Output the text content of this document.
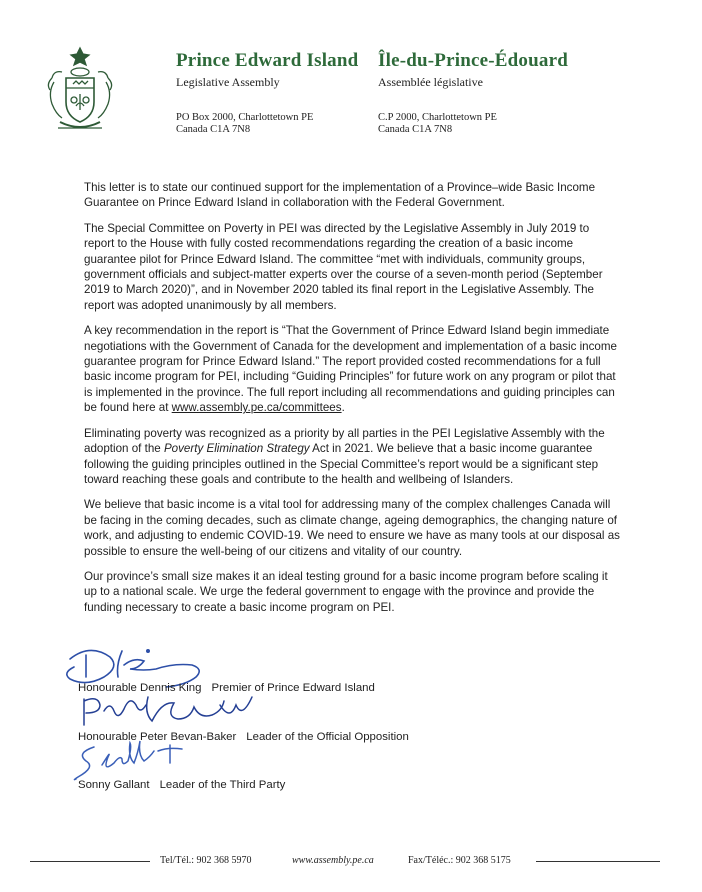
Prince Edward Island
Legislative Assembly
PO Box 2000, Charlottetown PE
Canada C1A 7N8
Île-du-Prince-Édouard
Assemblée législative
C.P 2000, Charlottetown PE
Canada C1A 7N8

This letter is to state our continued support for the implementation of a Province–wide Basic Income Guarantee on Prince Edward Island in collaboration with the Federal Government.

The Special Committee on Poverty in PEI was directed by the Legislative Assembly in July 2019 to report to the House with fully costed recommendations regarding the creation of a basic income guarantee pilot for Prince Edward Island. The committee “met with individuals, community groups, government officials and subject-matter experts over the course of a seven-month period (September 2019 to March 2020)”, and in November 2020 tabled its final report in the Legislative Assembly. The report was adopted unanimously by all members.

A key recommendation in the report is “That the Government of Prince Edward Island begin immediate negotiations with the Government of Canada for the development and implementation of a basic income guarantee program for Prince Edward Island.” The report provided costed recommendations for a full basic income program for PEI, including “Guiding Principles” for future work on any program or pilot that is implemented in the province. The full report including all recommendations and guiding principles can be found here at www.assembly.pe.ca/committees.

Eliminating poverty was recognized as a priority by all parties in the PEI Legislative Assembly with the adoption of the Poverty Elimination Strategy Act in 2021. We believe that a basic income guarantee following the guiding principles outlined in the Special Committee’s report would be a significant step toward reaching these goals and contribute to the health and wellbeing of Islanders.

We believe that basic income is a vital tool for addressing many of the complex challenges Canada will be facing in the coming decades, such as climate change, ageing demographics, the changing nature of work, and adjusting to endemic COVID-19. We need to ensure we have as many tools at our disposal as possible to ensure the well-being of our citizens and vitality of our country.

Our province’s small size makes it an ideal testing ground for a basic income program before scaling it up to a national scale. We urge the federal government to engage with the province and provide the funding necessary to create a basic income program on PEI.

Honourable Dennis King Premier of Prince Edward Island
Honourable Peter Bevan-Baker Leader of the Official Opposition
Sonny Gallant Leader of the Third Party
Tel/Tél.: 902 368 5970	www.assembly.pe.ca	Fax/Téléc.: 902 368 5175
